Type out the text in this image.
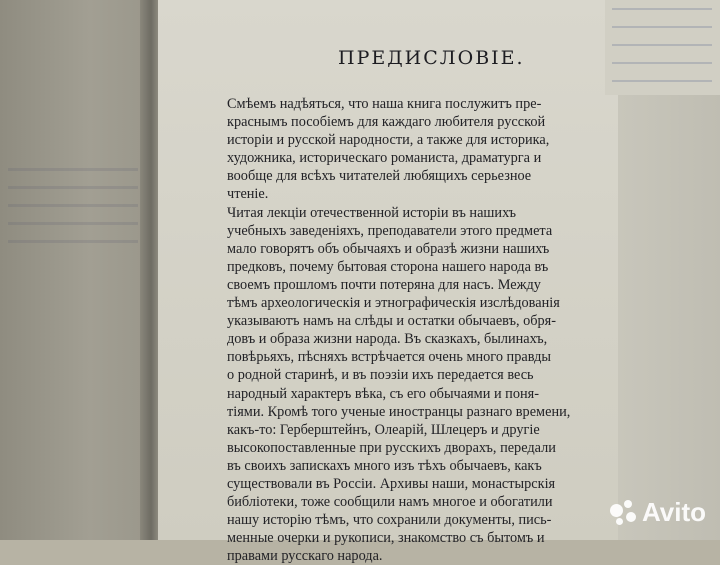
ПРЕДИСЛОВІЕ.
Смѣемъ надѣяться, что наша книга послужитъ пре-
краснымъ пособіемъ для каждаго любителя русской
исторіи и русской народности, а также для историка,
художника, историческаго романиста, драматурга и
вообще для всѣхъ читателей любящихъ серьезное
чтеніе.
Читая лекціи отечественной исторіи въ нашихъ
учебныхъ заведеніяхъ, преподаватели этого предмета
мало говорятъ объ обычаяхъ и образѣ жизни нашихъ
предковъ, почему бытовая сторона нашего народа въ
своемъ прошломъ почти потеряна для насъ. Между
тѣмъ археологическія и этнографическія изслѣдованія
указываютъ намъ на слѣды и остатки обычаевъ, обря-
довъ и образа жизни народа. Въ сказкахъ, былинахъ,
повѣрьяхъ, пѣсняхъ встрѣчается очень много правды
о родной старинѣ, и въ поэзіи ихъ передается весь
народный характеръ вѣка, съ его обычаями и поня-
тіями. Кромѣ того ученые иностранцы разнаго времени,
какъ-то: Герберштейнъ, Олеарій, Шлецеръ и другіе
высокопоставленные при русскихъ дворахъ, передали
въ своихъ запискахъ много изъ тѣхъ обычаевъ, какъ
существовали въ Россіи. Архивы наши, монастырскія
библіотеки, тоже сообщили намъ многое и обогатили
нашу исторію тѣмъ, что сохранили документы, пись-
менные очерки и рукописи, знакомство съ бытомъ и
правами русскаго народа.
Avito
